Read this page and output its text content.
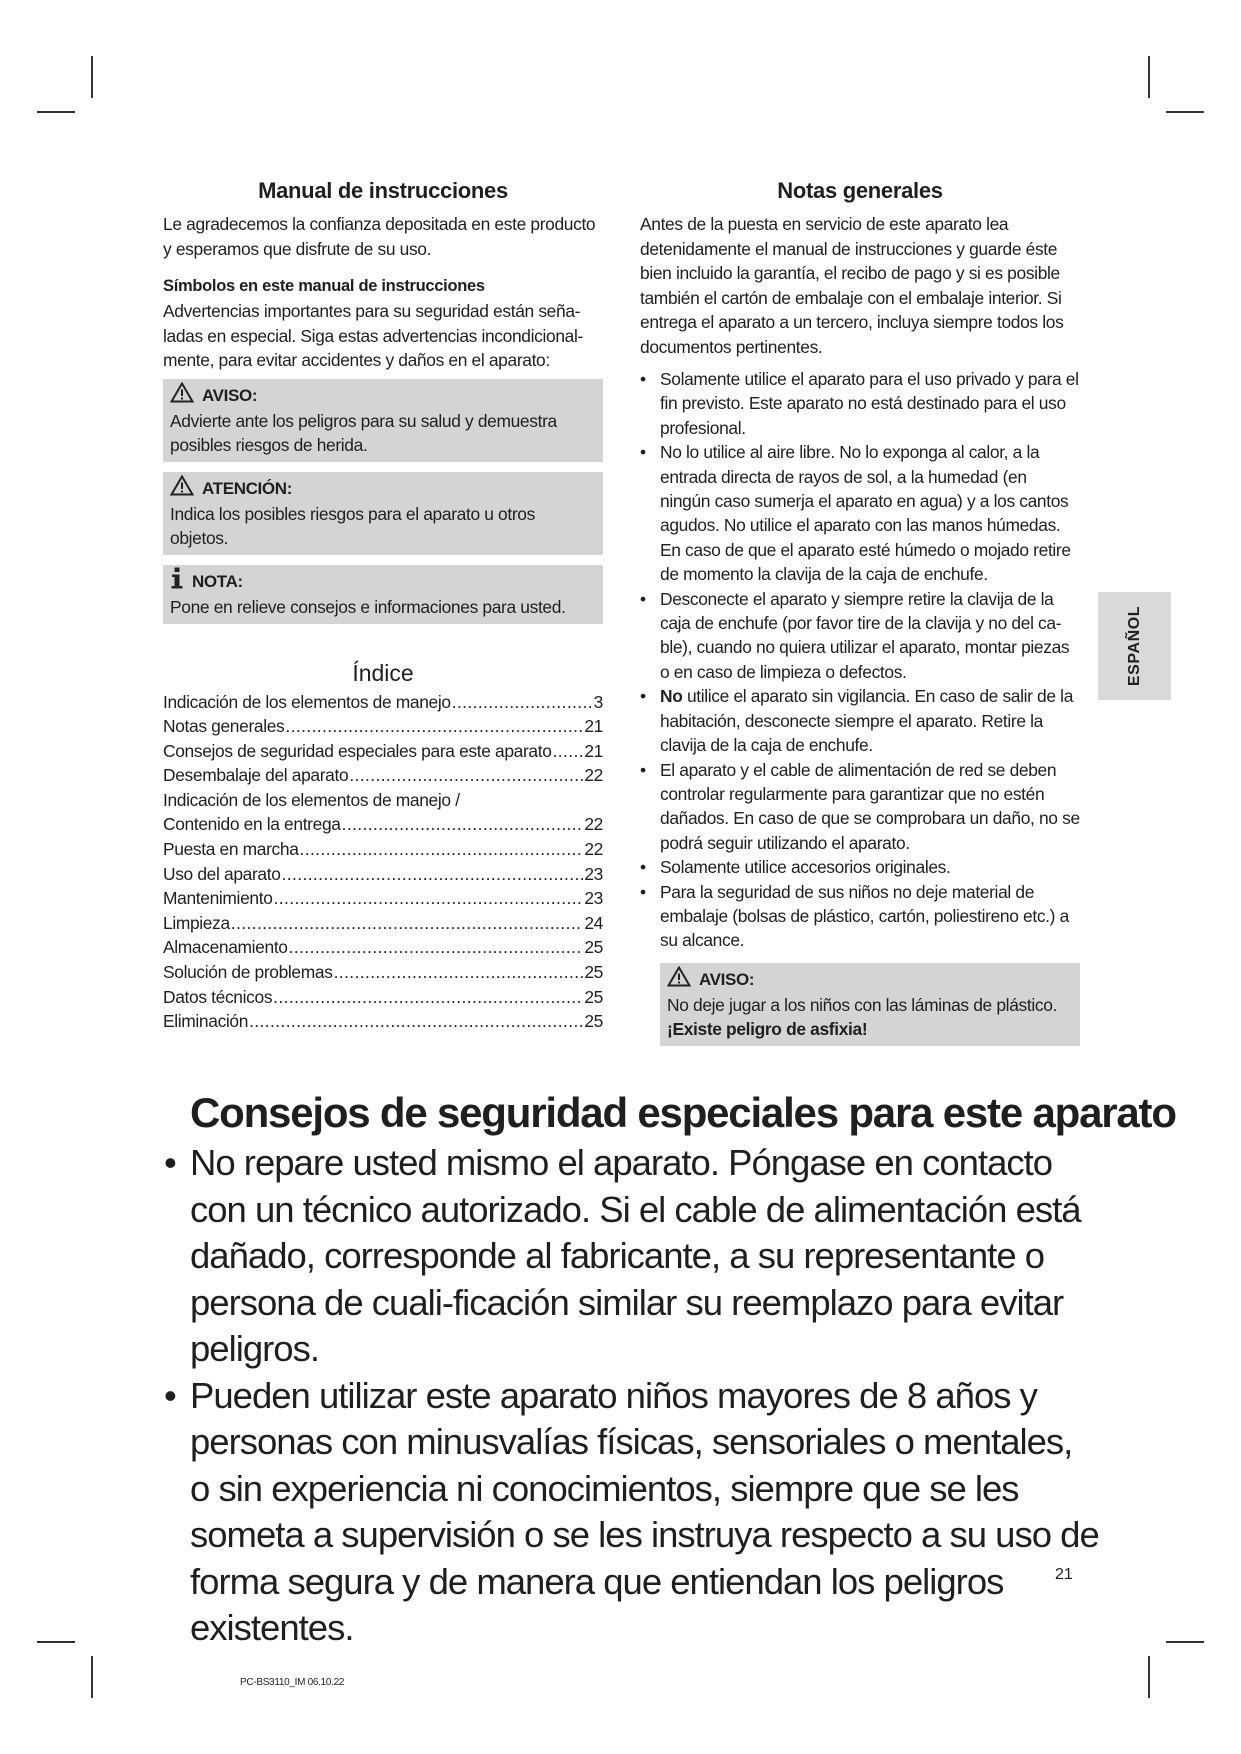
Manual de instrucciones

Le agradecemos la confianza depositada en este producto y esperamos que disfrute de su uso.

Símbolos en este manual de instrucciones

Advertencias importantes para su seguridad están seña-ladas en especial. Siga estas advertencias incondicional-mente, para evitar accidentes y daños en el aparato:

AVISO:
Advierte ante los peligros para su salud y demuestra posibles riesgos de herida.
ATENCIÓN:
Indica los posibles riesgos para el aparato u otros objetos.
NOTA:
Pone en relieve consejos e informaciones para usted.
Índice
Indicación de los elementos de manejo .....	3
Notas generales .....	21
Consejos de seguridad especiales para este aparato ..... 21
Desembalaje del aparato .....	22
Indicación de los elementos de manejo /
Contenido en la entrega .....	22
Puesta en marcha .....	22
Uso del aparato .....	23
Mantenimiento .....	23
Limpieza .....	24
Almacenamiento .....	25
Solución de problemas .....	25
Datos técnicos .....	25
Eliminación .....	25
Notas generales

Antes de la puesta en servicio de este aparato lea detenidamente el manual de instrucciones y guarde éste bien incluido la garantía, el recibo de pago y si es posible también el cartón de embalaje con el embalaje interior. Si entrega el aparato a un tercero, incluya siempre todos los documentos pertinentes.

• Solamente utilice el aparato para el uso privado y para el fin previsto. Este aparato no está destinado para el uso profesional.
• No lo utilice al aire libre. No lo exponga al calor, a la entrada directa de rayos de sol, a la humedad (en ningún caso sumerja el aparato en agua) y a los cantos agudos. No utilice el aparato con las manos húmedas. En caso de que el aparato esté húmedo o mojado retire de momento la clavija de la caja de enchufe.
• Desconecte el aparato y siempre retire la clavija de la caja de enchufe (por favor tire de la clavija y no del ca-ble), cuando no quiera utilizar el aparato, montar piezas o en caso de limpieza o defectos.
• No utilice el aparato sin vigilancia. En caso de salir de la habitación, desconecte siempre el aparato. Retire la clavija de la caja de enchufe.
• El aparato y el cable de alimentación de red se deben controlar regularmente para garantizar que no estén dañados. En caso de que se comprobara un daño, no se podrá seguir utilizando el aparato.
• Solamente utilice accesorios originales.
• Para la seguridad de sus niños no deje material de embalaje (bolsas de plástico, cartón, poliestireno etc.) a su alcance.
AVISO:
No deje jugar a los niños con las láminas de plástico.
¡Existe peligro de asfixia!
ESPAÑOL
Consejos de seguridad especiales para este aparato
• No repare usted mismo el aparato. Póngase en contacto con un técnico autorizado. Si el cable de alimentación está dañado, corresponde al fabricante, a su representante o persona de cuali-ficación similar su reemplazo para evitar peligros.
• Pueden utilizar este aparato niños mayores de 8 años y personas con minusvalías físicas, sensoriales o mentales, o sin experiencia ni conocimientos, siempre que se les someta a supervisión o se les instruya respecto a su uso de forma segura y de manera que entiendan los peligros existentes.
21
PC-BS3110_IM 06.10.22
